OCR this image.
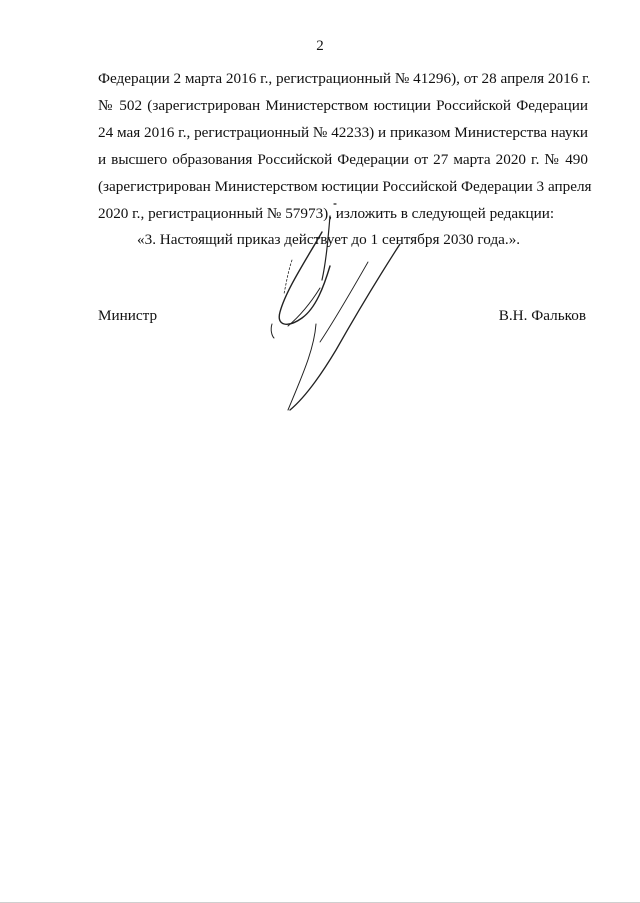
2
Федерации 2 марта 2016 г., регистрационный № 41296), от 28 апреля 2016 г.
№ 502 (зарегистрирован Министерством юстиции Российской Федерации
24 мая 2016 г., регистрационный № 42233) и приказом Министерства науки
и высшего образования Российской Федерации от 27 марта 2020 г. № 490
(зарегистрирован Министерством юстиции Российской Федерации 3 апреля
2020 г., регистрационный № 57973), изложить в следующей редакции:
«3. Настоящий приказ действует до 1 сентября 2030 года.».
Министр	В.Н. Фальков
